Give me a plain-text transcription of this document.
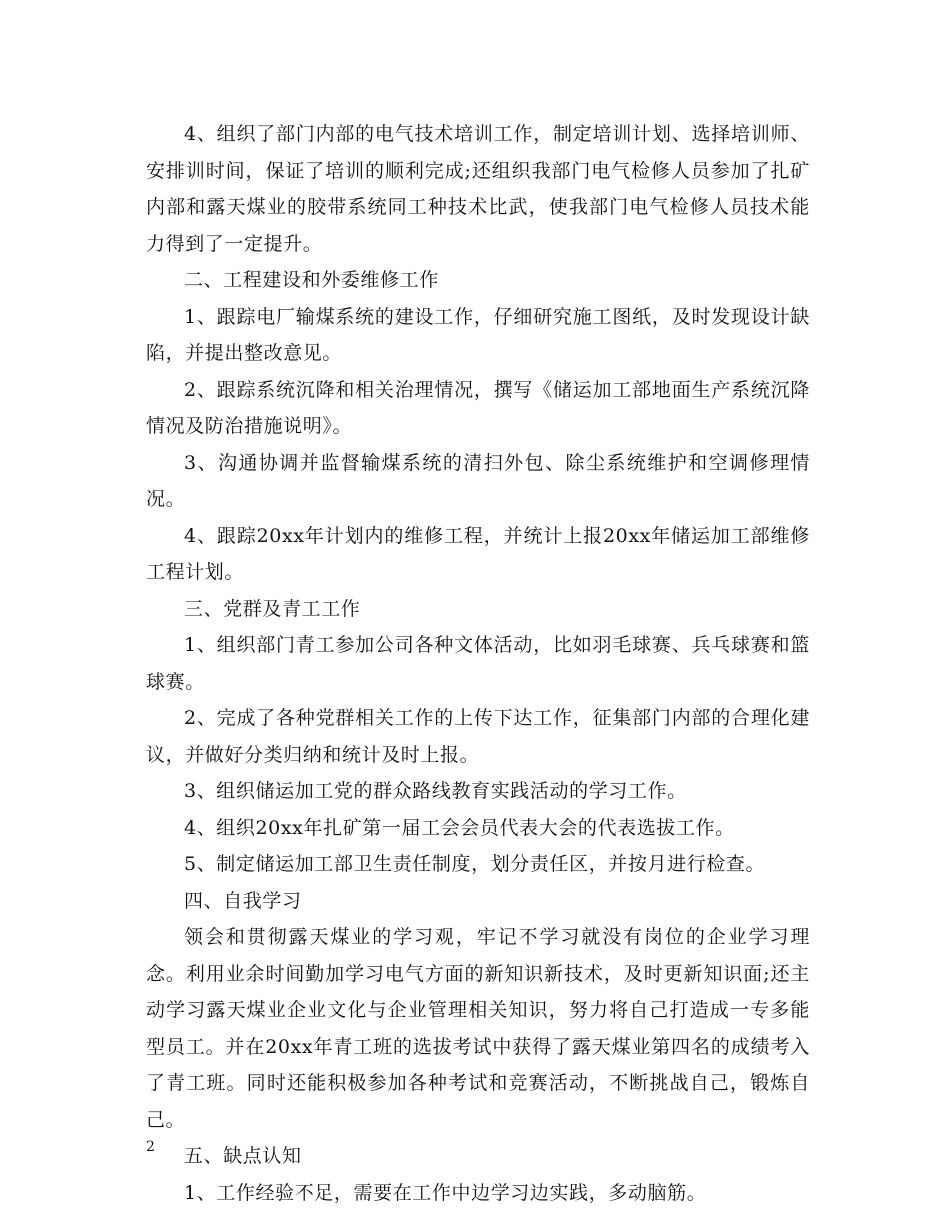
4、组织了部门内部的电气技术培训工作，制定培训计划、选择培训师、安排训时间，保证了培训的顺利完成;还组织我部门电气检修人员参加了扎矿内部和露天煤业的胶带系统同工种技术比武，使我部门电气检修人员技术能力得到了一定提升。

二、工程建设和外委维修工作

1、跟踪电厂输煤系统的建设工作，仔细研究施工图纸，及时发现设计缺陷，并提出整改意见。

2、跟踪系统沉降和相关治理情况，撰写《储运加工部地面生产系统沉降情况及防治措施说明》。

3、沟通协调并监督输煤系统的清扫外包、除尘系统维护和空调修理情况。

4、跟踪20xx年计划内的维修工程，并统计上报20xx年储运加工部维修工程计划。

三、党群及青工工作

1、组织部门青工参加公司各种文体活动，比如羽毛球赛、兵乓球赛和篮球赛。

2、完成了各种党群相关工作的上传下达工作，征集部门内部的合理化建议，并做好分类归纳和统计及时上报。

3、组织储运加工党的群众路线教育实践活动的学习工作。

4、组织20xx年扎矿第一届工会会员代表大会的代表选拔工作。

5、制定储运加工部卫生责任制度，划分责任区，并按月进行检查。

四、自我学习

领会和贯彻露天煤业的学习观，牢记不学习就没有岗位的企业学习理念。利用业余时间勤加学习电气方面的新知识新技术，及时更新知识面;还主动学习露天煤业企业文化与企业管理相关知识，努力将自己打造成一专多能型员工。并在20xx年青工班的选拔考试中获得了露天煤业第四名的成绩考入了青工班。同时还能积极参加各种考试和竞赛活动，不断挑战自己，锻炼自己。

五、缺点认知

1、工作经验不足，需要在工作中边学习边实践，多动脑筋。

2
